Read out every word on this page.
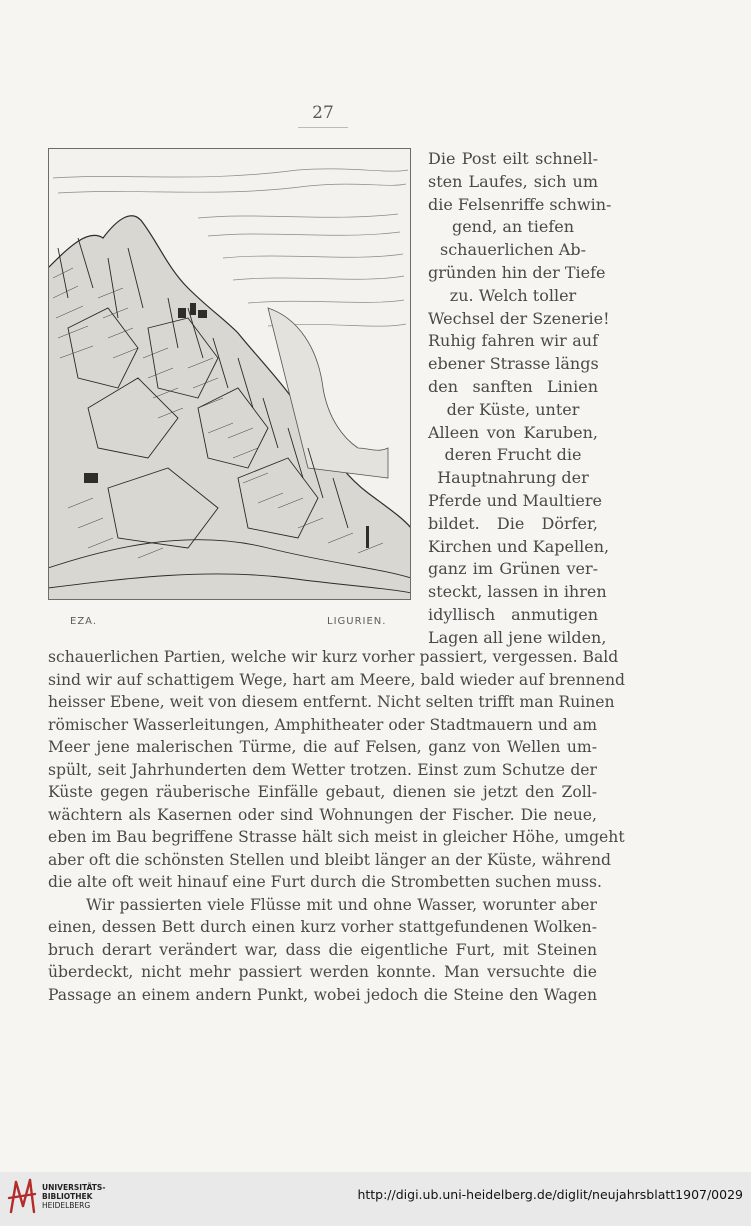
27
EZA.	LIGURIEN.
Die Post eilt schnell-
sten Laufes, sich um
die Felsenriffe schwin-
gend, an tiefen
schauerlichen Ab-
gründen hin der Tiefe
zu. Welch toller
Wechsel der Szenerie!
Ruhig fahren wir auf
ebener Strasse längs
den sanften Linien
der Küste, unter
Alleen von Karuben,
deren Frucht die
Hauptnahrung der
Pferde und Maultiere
bildet. Die Dörfer,
Kirchen und Kapellen,
ganz im Grünen ver-
steckt, lassen in ihren
idyllisch anmutigen
Lagen all jene wilden,
schauerlichen Partien, welche wir kurz vorher passiert, vergessen. Bald
sind wir auf schattigem Wege, hart am Meere, bald wieder auf brennend
heisser Ebene, weit von diesem entfernt. Nicht selten trifft man Ruinen
römischer Wasserleitungen, Amphitheater oder Stadtmauern und am
Meer jene malerischen Türme, die auf Felsen, ganz von Wellen um-
spült, seit Jahrhunderten dem Wetter trotzen. Einst zum Schutze der
Küste gegen räuberische Einfälle gebaut, dienen sie jetzt den Zoll-
wächtern als Kasernen oder sind Wohnungen der Fischer. Die neue,
eben im Bau begriffene Strasse hält sich meist in gleicher Höhe, umgeht
aber oft die schönsten Stellen und bleibt länger an der Küste, während
die alte oft weit hinauf eine Furt durch die Strombetten suchen muss.
Wir passierten viele Flüsse mit und ohne Wasser, worunter aber
einen, dessen Bett durch einen kurz vorher stattgefundenen Wolken-
bruch derart verändert war, dass die eigentliche Furt, mit Steinen
überdeckt, nicht mehr passiert werden konnte. Man versuchte die
Passage an einem andern Punkt, wobei jedoch die Steine den Wagen
UNIVERSITÄTS-
BIBLIOTHEK
HEIDELBERG
http://digi.ub.uni-heidelberg.de/diglit/neujahrsblatt1907/0029
